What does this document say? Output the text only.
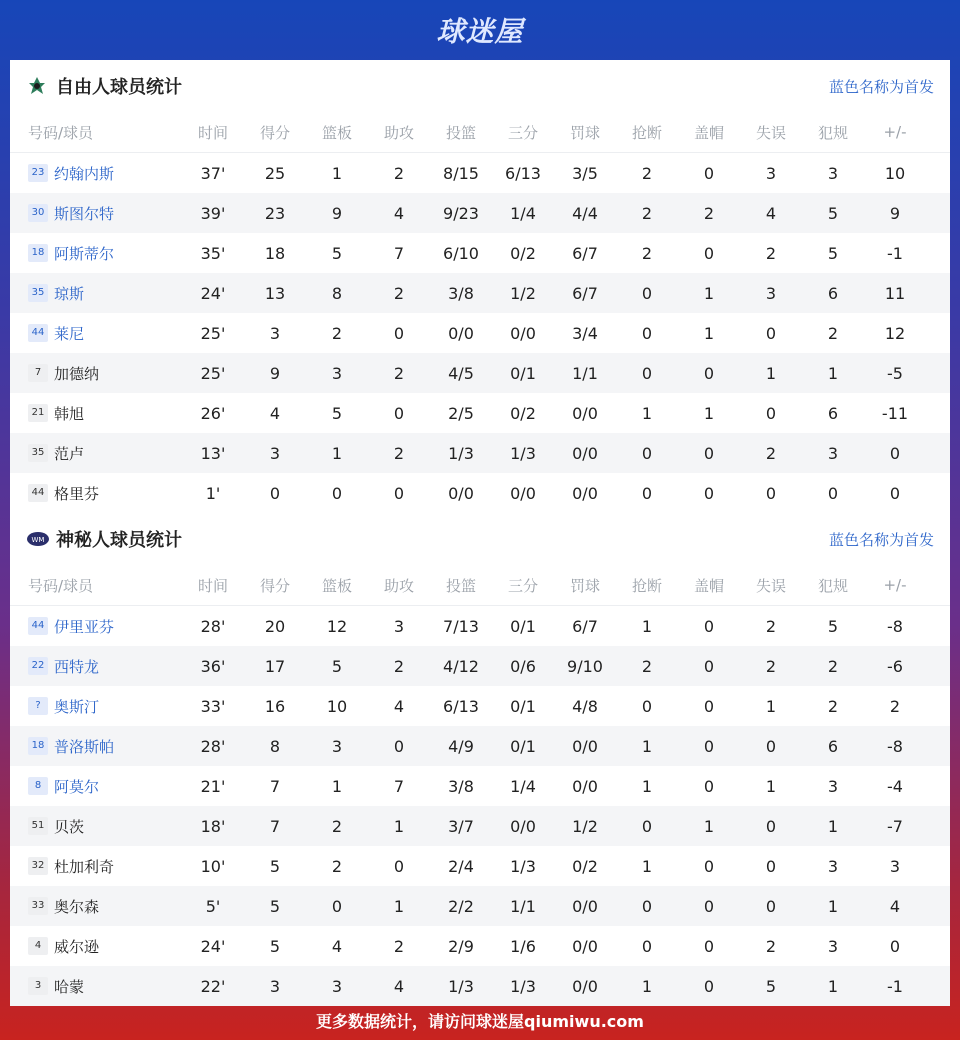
球迷屋
自由人球员统计	蓝色名称为首发
号码/球员	时间	得分	篮板	助攻	投篮	三分	罚球	抢断	盖帽	失误	犯规	+/-
23 约翰内斯	37'	25	1	2	8/15	6/13	3/5	2	0	3	3	10
30 斯图尔特	39'	23	9	4	9/23	1/4	4/4	2	2	4	5	9
18 阿斯蒂尔	35'	18	5	7	6/10	0/2	6/7	2	0	2	5	-1
35 琼斯	24'	13	8	2	3/8	1/2	6/7	0	1	3	6	11
44 莱尼	25'	3	2	0	0/0	0/0	3/4	0	1	0	2	12
7 加德纳	25'	9	3	2	4/5	0/1	1/1	0	0	1	1	-5
21 韩旭	26'	4	5	0	2/5	0/2	0/0	1	1	0	6	-11
35 范卢	13'	3	1	2	1/3	1/3	0/0	0	0	2	3	0
44 格里芬	1'	0	0	0	0/0	0/0	0/0	0	0	0	0	0
WM 神秘人球员统计	蓝色名称为首发
号码/球员	时间	得分	篮板	助攻	投篮	三分	罚球	抢断	盖帽	失误	犯规	+/-
44 伊里亚芬	28'	20	12	3	7/13	0/1	6/7	1	0	2	5	-8
22 西特龙	36'	17	5	2	4/12	0/6	9/10	2	0	2	2	-6
? 奥斯汀	33'	16	10	4	6/13	0/1	4/8	0	0	1	2	2
18 普洛斯帕	28'	8	3	0	4/9	0/1	0/0	1	0	0	6	-8
8 阿莫尔	21'	7	1	7	3/8	1/4	0/0	1	0	1	3	-4
51 贝茨	18'	7	2	1	3/7	0/0	1/2	0	1	0	1	-7
32 杜加利奇	10'	5	2	0	2/4	1/3	0/2	1	0	0	3	3
33 奥尔森	5'	5	0	1	2/2	1/1	0/0	0	0	0	1	4
4 威尔逊	24'	5	4	2	2/9	1/6	0/0	0	0	2	3	0
3 哈蒙	22'	3	3	4	1/3	1/3	0/0	1	0	5	1	-1
更多数据统计，请访问球迷屋qiumiwu.com
